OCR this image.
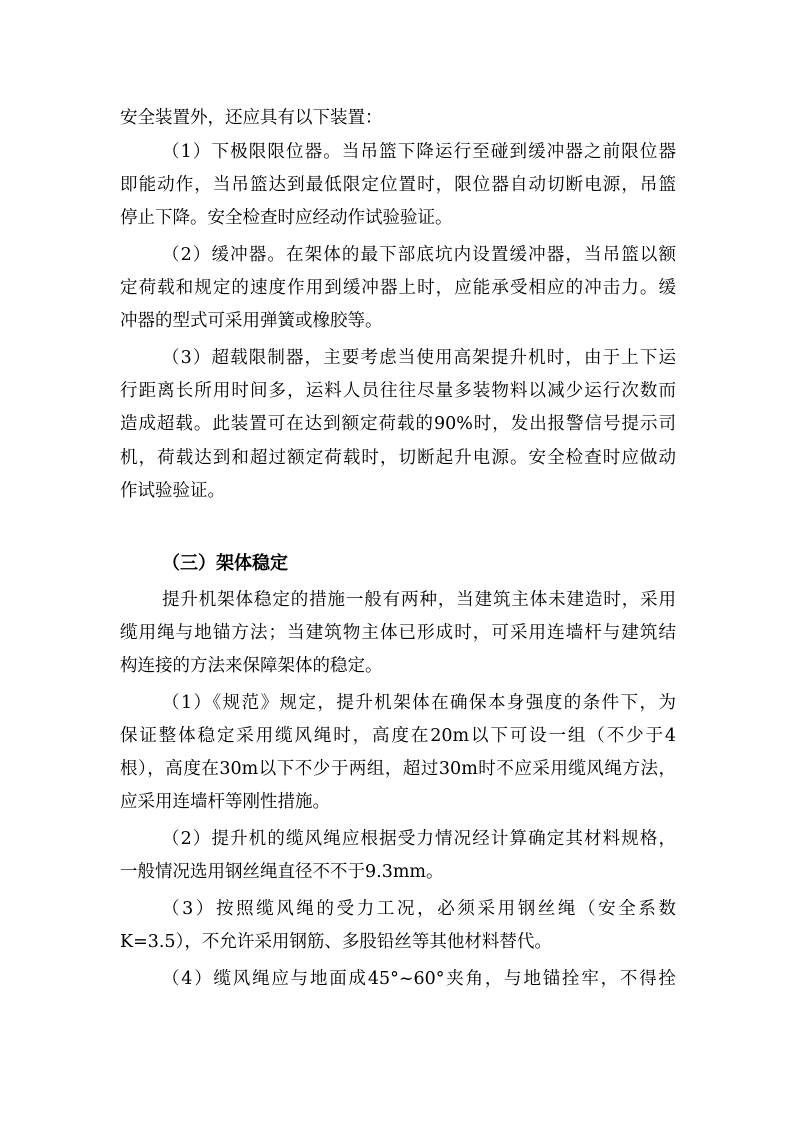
安全装置外，还应具有以下装置：
（1）下极限限位器。当吊篮下降运行至碰到缓冲器之前限位器
即能动作，当吊篮达到最低限定位置时，限位器自动切断电源，吊篮
停止下降。安全检查时应经动作试验验证。
（2）缓冲器。在架体的最下部底坑内设置缓冲器，当吊篮以额
定荷载和规定的速度作用到缓冲器上时，应能承受相应的冲击力。缓
冲器的型式可采用弹簧或橡胶等。
（3）超载限制器，主要考虑当使用高架提升机时，由于上下运
行距离长所用时间多，运料人员往往尽量多装物料以减少运行次数而
造成超载。此装置可在达到额定荷载的90%时，发出报警信号提示司
机，荷载达到和超过额定荷载时，切断起升电源。安全检查时应做动
作试验验证。
（三）架体稳定
提升机架体稳定的措施一般有两种，当建筑主体未建造时，采用
缆用绳与地锚方法；当建筑物主体已形成时，可采用连墙杆与建筑结
构连接的方法来保障架体的稳定。
（1）《规范》规定，提升机架体在确保本身强度的条件下，为
保证整体稳定采用缆风绳时，高度在20m以下可设一组（不少于4
根），高度在30m以下不少于两组，超过30m时不应采用缆风绳方法，
应采用连墙杆等刚性措施。
（2）提升机的缆风绳应根据受力情况经计算确定其材料规格，
一般情况选用钢丝绳直径不不于9.3mm。
（3）按照缆风绳的受力工况，必须采用钢丝绳（安全系数
K=3.5），不允许采用钢筋、多股铅丝等其他材料替代。
（4）缆风绳应与地面成45°~60°夹角，与地锚拴牢，不得拴
